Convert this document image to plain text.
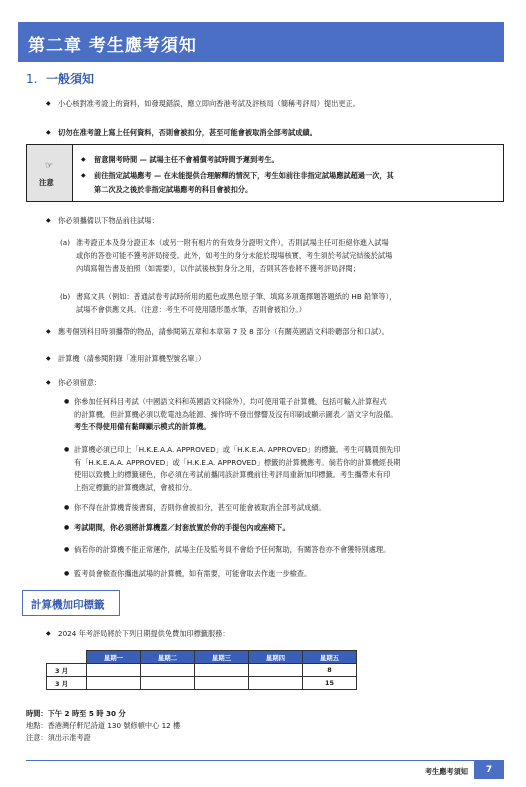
第二章 考生應考須知
1. 一般須知
◆ 小心核對准考證上的資料，如發現錯誤，應立即向香港考試及評核局（簡稱考評局）提出更正。
◆ 切勿在准考證上寫上任何資料，否則會被扣分，甚至可能會被取消全部考試成績。
☞
注意
◆ 留意開考時間 — 試場主任不會補償考試時間予遲到考生。
◆ 前往指定試場應考 — 在未能提供合理解釋的情況下，考生如前往非指定試場應試超過一次，其
第二次及之後於非指定試場應考的科目會被扣分。
◆ 你必須攜備以下物品前往試場：
(a) 准考證正本及身分證正本（或另一附有相片的有效身分證明文件），否則試場主任可拒絕你進入試場
或你的答卷可能不獲考評局接受。此外，如考生的身分未能於現場核實，考生須於考試完結後於試場
內填寫報告書及拍照（如需要），以作試後核對身分之用，否則其答卷將不獲考評局評閱；
(b) 書寫文具（例如：普通試卷考試時所用的藍色或黑色原子筆、填寫多項選擇題答題紙的 HB 鉛筆等），
試場不會供應文具。（注意：考生不可使用隱形墨水筆，否則會被扣分。）
◆ 應考個別科目時須攜帶的物品，請參閱第五章和本章第 7 及 8 部分（有關英國語文科聆聽部分和口試）。
◆ 計算機（請參閱附錄「准用計算機型號名單」）
◆ 你必須留意：
● 你參加任何科目考試（中國語文科和英國語文科除外），均可使用電子計算機，包括可輸入計算程式
的計算機，但計算機必須以乾電池為能源、操作時不發出聲響及沒有印刷或顯示圖表／語文字句設備。
考生不得使用備有黏暉顯示模式的計算機。
● 計算機必須已印上「H.K.E.A.A. APPROVED」或「H.K.E.A. APPROVED」的標籤。考生可購買預先印
有「H.K.E.A.A. APPROVED」或「H.K.E.A. APPROVED」標籤的計算機應考。倘若你的計算機經長期
使用以致機上的標籤褪色，你必須在考試前攜同該計算機前往考評局重新加印標籤。考生攜帶未有印
上指定標籤的計算機應試，會被扣分。
● 你不得在計算機背後書寫，否則你會被扣分，甚至可能會被取消全部考試成績。
● 考試期間，你必須將計算機蓋／封套放置於你的手提包內或座椅下。
● 倘若你的計算機不能正常運作，試場主任及監考員不會給予任何幫助，有關答卷亦不會獲特別處理。
● 監考員會檢查你攜進試場的計算機，如有需要，可能會取去作進一步檢查。
計算機加印標籤
◆ 2024 年考評局將於下列日期提供免費加印標籤服務：
	星期一	星期二	星期三	星期四	星期五
3 月					8
3 月					15
時間：下午 2 時至 5 時 30 分
地點：香港灣仔軒尼詩道 130 號修頓中心 12 樓
注意：須出示准考證
考生應考須知	7
